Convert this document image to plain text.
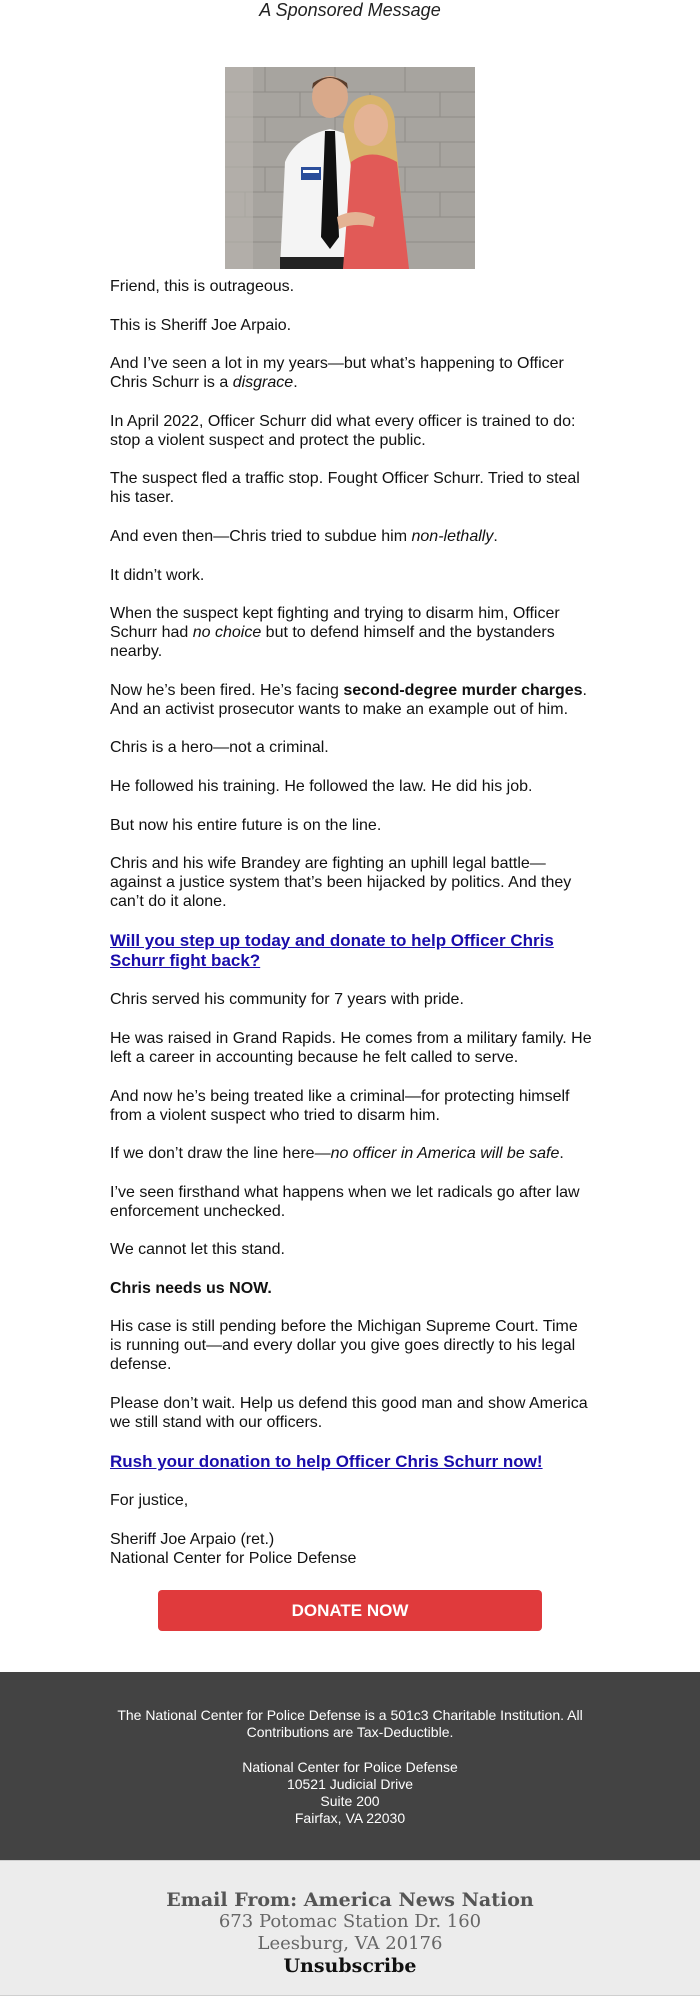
A Sponsored Message

Friend, this is outrageous.

This is Sheriff Joe Arpaio.

And I’ve seen a lot in my years—but what’s happening to Officer Chris Schurr is a disgrace.

In April 2022, Officer Schurr did what every officer is trained to do: stop a violent suspect and protect the public.

The suspect fled a traffic stop. Fought Officer Schurr. Tried to steal his taser.

And even then—Chris tried to subdue him non-lethally.

It didn’t work.

When the suspect kept fighting and trying to disarm him, Officer Schurr had no choice but to defend himself and the bystanders nearby.

Now he’s been fired. He’s facing second-degree murder charges. And an activist prosecutor wants to make an example out of him.

Chris is a hero—not a criminal.

He followed his training. He followed the law. He did his job.

But now his entire future is on the line.

Chris and his wife Brandey are fighting an uphill legal battle—against a justice system that’s been hijacked by politics. And they can’t do it alone.

Will you step up today and donate to help Officer Chris Schurr fight back?

Chris served his community for 7 years with pride.

He was raised in Grand Rapids. He comes from a military family. He left a career in accounting because he felt called to serve.

And now he’s being treated like a criminal—for protecting himself from a violent suspect who tried to disarm him.

If we don’t draw the line here—no officer in America will be safe.

I’ve seen firsthand what happens when we let radicals go after law enforcement unchecked.

We cannot let this stand.

Chris needs us NOW.

His case is still pending before the Michigan Supreme Court. Time is running out—and every dollar you give goes directly to his legal defense.

Please don’t wait. Help us defend this good man and show America we still stand with our officers.

Rush your donation to help Officer Chris Schurr now!

For justice,

Sheriff Joe Arpaio (ret.)
National Center for Police Defense

DONATE NOW
The National Center for Police Defense is a 501c3 Charitable Institution. All Contributions are Tax-Deductible.
National Center for Police Defense
10521 Judicial Drive
Suite 200
Fairfax, VA 22030
Email From: America News Nation
673 Potomac Station Dr. 160
Leesburg, VA 20176
Unsubscribe
